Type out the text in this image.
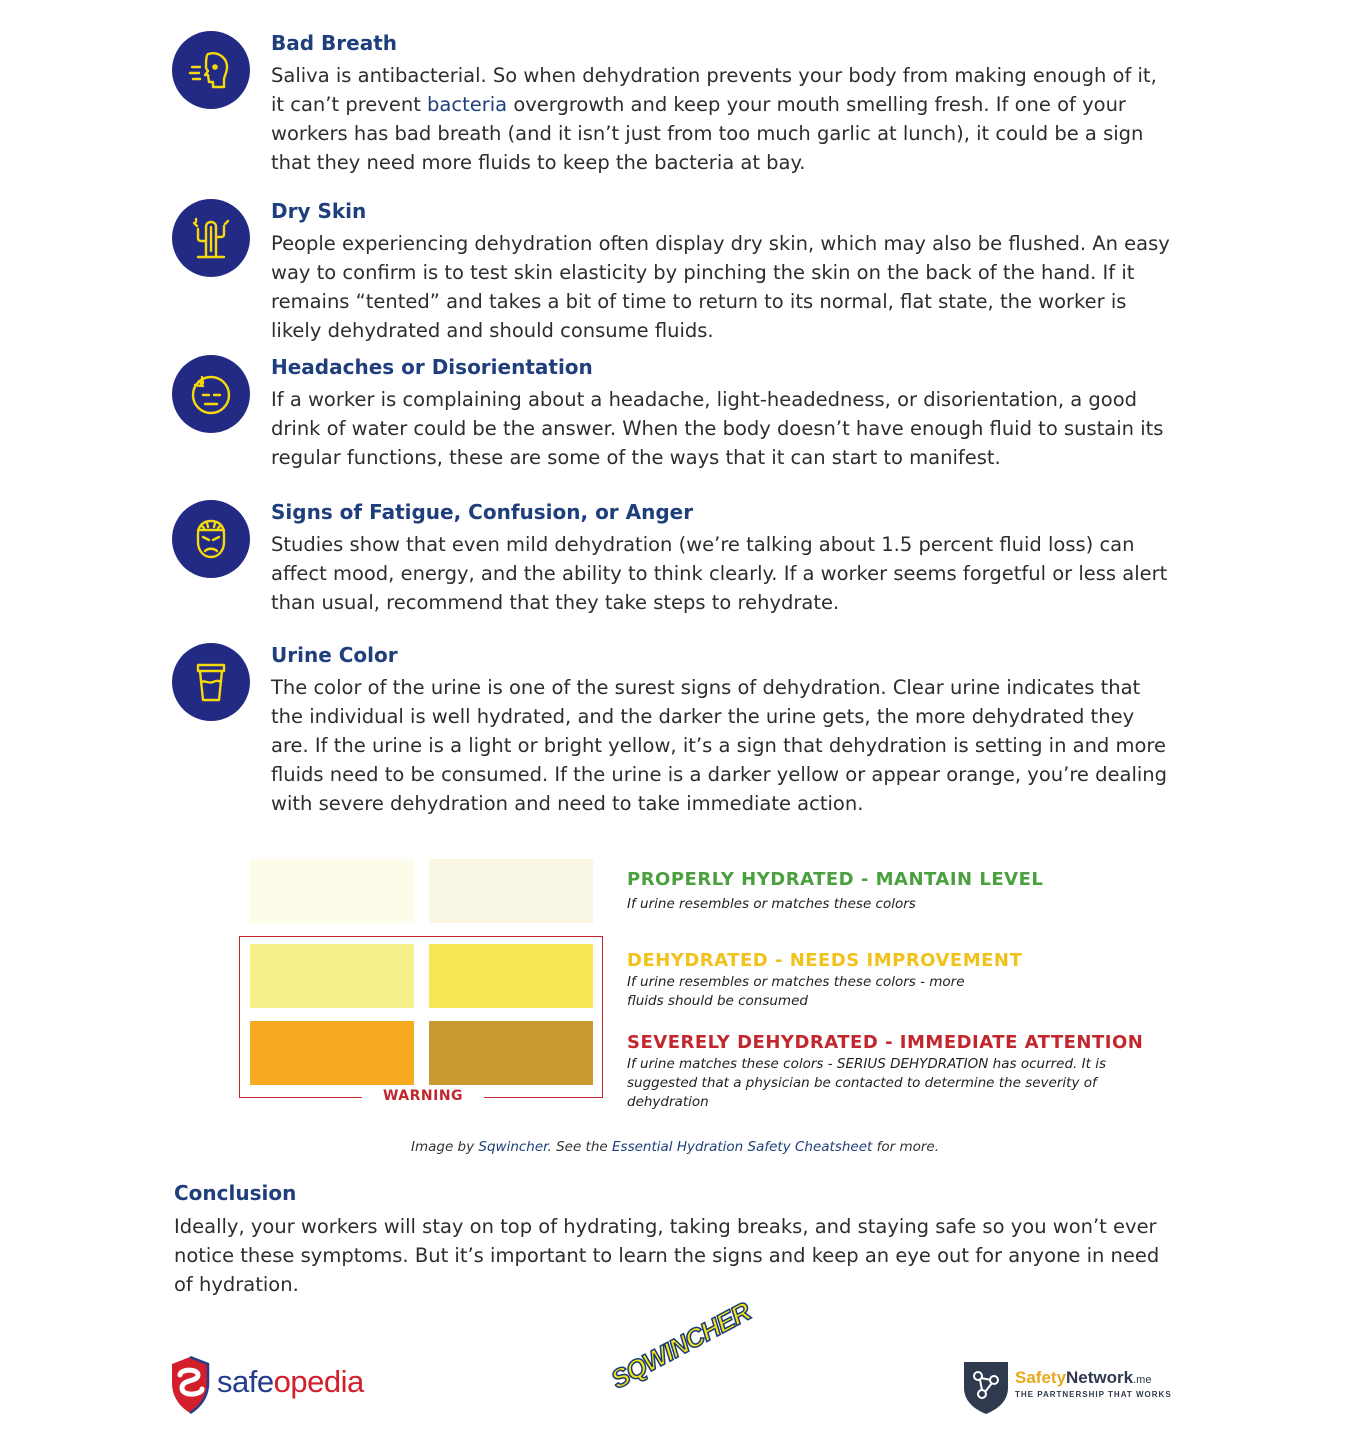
Bad Breath

Saliva is antibacterial. So when dehydration prevents your body from making enough of it, it can’t prevent bacteria overgrowth and keep your mouth smelling fresh. If one of your workers has bad breath (and it isn’t just from too much garlic at lunch), it could be a sign that they need more fluids to keep the bacteria at bay.

Dry Skin

People experiencing dehydration often display dry skin, which may also be flushed. An easy way to confirm is to test skin elasticity by pinching the skin on the back of the hand. If it remains “tented” and takes a bit of time to return to its normal, flat state, the worker is likely dehydrated and should consume fluids.

Headaches or Disorientation

If a worker is complaining about a headache, light-headedness, or disorientation, a good drink of water could be the answer. When the body doesn’t have enough fluid to sustain its regular functions, these are some of the ways that it can start to manifest.

Signs of Fatigue, Confusion, or Anger

Studies show that even mild dehydration (we’re talking about 1.5 percent fluid loss) can affect mood, energy, and the ability to think clearly. If a worker seems forgetful or less alert than usual, recommend that they take steps to rehydrate.

Urine Color

The color of the urine is one of the surest signs of dehydration. Clear urine indicates that the individual is well hydrated, and the darker the urine gets, the more dehydrated they are. If the urine is a light or bright yellow, it’s a sign that dehydration is setting in and more fluids need to be consumed. If the urine is a darker yellow or appear orange, you’re dealing with severe dehydration and need to take immediate action.

WARNING
PROPERLY HYDRATED - MANTAIN LEVEL
If urine resembles or matches these colors
DEHYDRATED - NEEDS IMPROVEMENT
If urine resembles or matches these colors - more fluids should be consumed
SEVERELY DEHYDRATED - IMMEDIATE ATTENTION
If urine matches these colors - SERIUS DEHYDRATION has ocurred. It is suggested that a physician be contacted to determine the severity of dehydration
Image by Sqwincher. See the Essential Hydration Safety Cheatsheet for more.
Conclusion

Ideally, your workers will stay on top of hydrating, taking breaks, and staying safe so you won’t ever notice these symptoms. But it’s important to learn the signs and keep an eye out for anyone in need of hydration.

safeopedia	SQWINCHER	SafetyNetwork.me
THE PARTNERSHIP THAT WORKS
